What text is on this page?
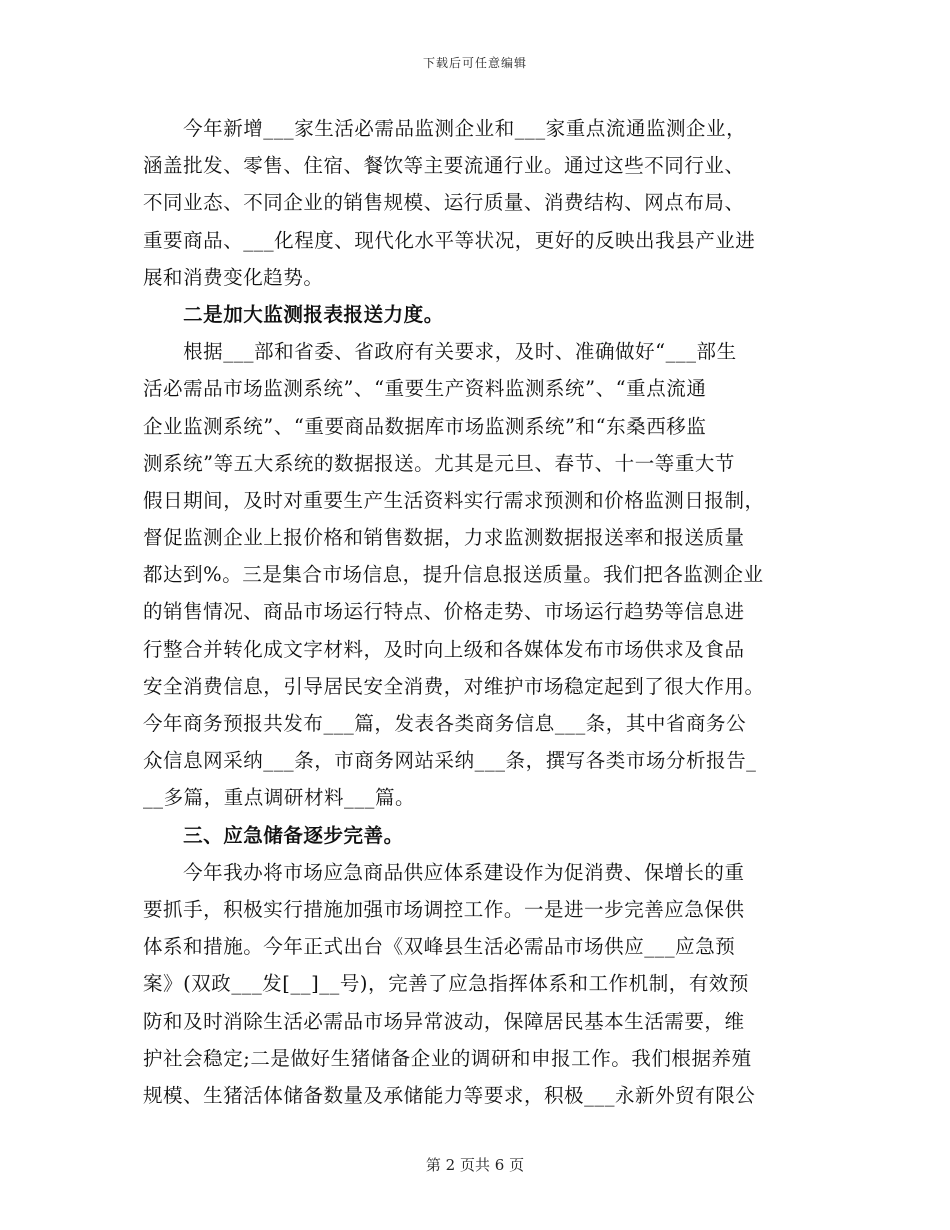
下载后可任意编辑
　　今年新增___家生活必需品监测企业和___家重点流通监测企业，
涵盖批发、零售、住宿、餐饮等主要流通行业。通过这些不同行业、
不同业态、不同企业的销售规模、运行质量、消费结构、网点布局、
重要商品、___化程度、现代化水平等状况，更好的反映出我县产业进
展和消费变化趋势。
　　二是加大监测报表报送力度。
　　根据___部和省委、省政府有关要求，及时、准确做好“___部生
活必需品市场监测系统”、“重要生产资料监测系统”、“重点流通
企业监测系统”、“重要商品数据库市场监测系统”和“东桑西移监
测系统”等五大系统的数据报送。尤其是元旦、春节、十一等重大节
假日期间，及时对重要生产生活资料实行需求预测和价格监测日报制，
督促监测企业上报价格和销售数据，力求监测数据报送率和报送质量
都达到%。三是集合市场信息，提升信息报送质量。我们把各监测企业
的销售情况、商品市场运行特点、价格走势、市场运行趋势等信息进
行整合并转化成文字材料，及时向上级和各媒体发布市场供求及食品
安全消费信息，引导居民安全消费，对维护市场稳定起到了很大作用。
今年商务预报共发布___篇，发表各类商务信息___条，其中省商务公
众信息网采纳___条，市商务网站采纳___条，撰写各类市场分析报告_
__多篇，重点调研材料___篇。
　　三、应急储备逐步完善。
　　今年我办将市场应急商品供应体系建设作为促消费、保增长的重
要抓手，积极实行措施加强市场调控工作。一是进一步完善应急保供
体系和措施。今年正式出台《双峰县生活必需品市场供应___应急预
案》(双政___发[__]__号)，完善了应急指挥体系和工作机制，有效预
防和及时消除生活必需品市场异常波动，保障居民基本生活需要，维
护社会稳定;二是做好生猪储备企业的调研和申报工作。我们根据养殖
规模、生猪活体储备数量及承储能力等要求，积极___永新外贸有限公
第 2 页共 6 页
